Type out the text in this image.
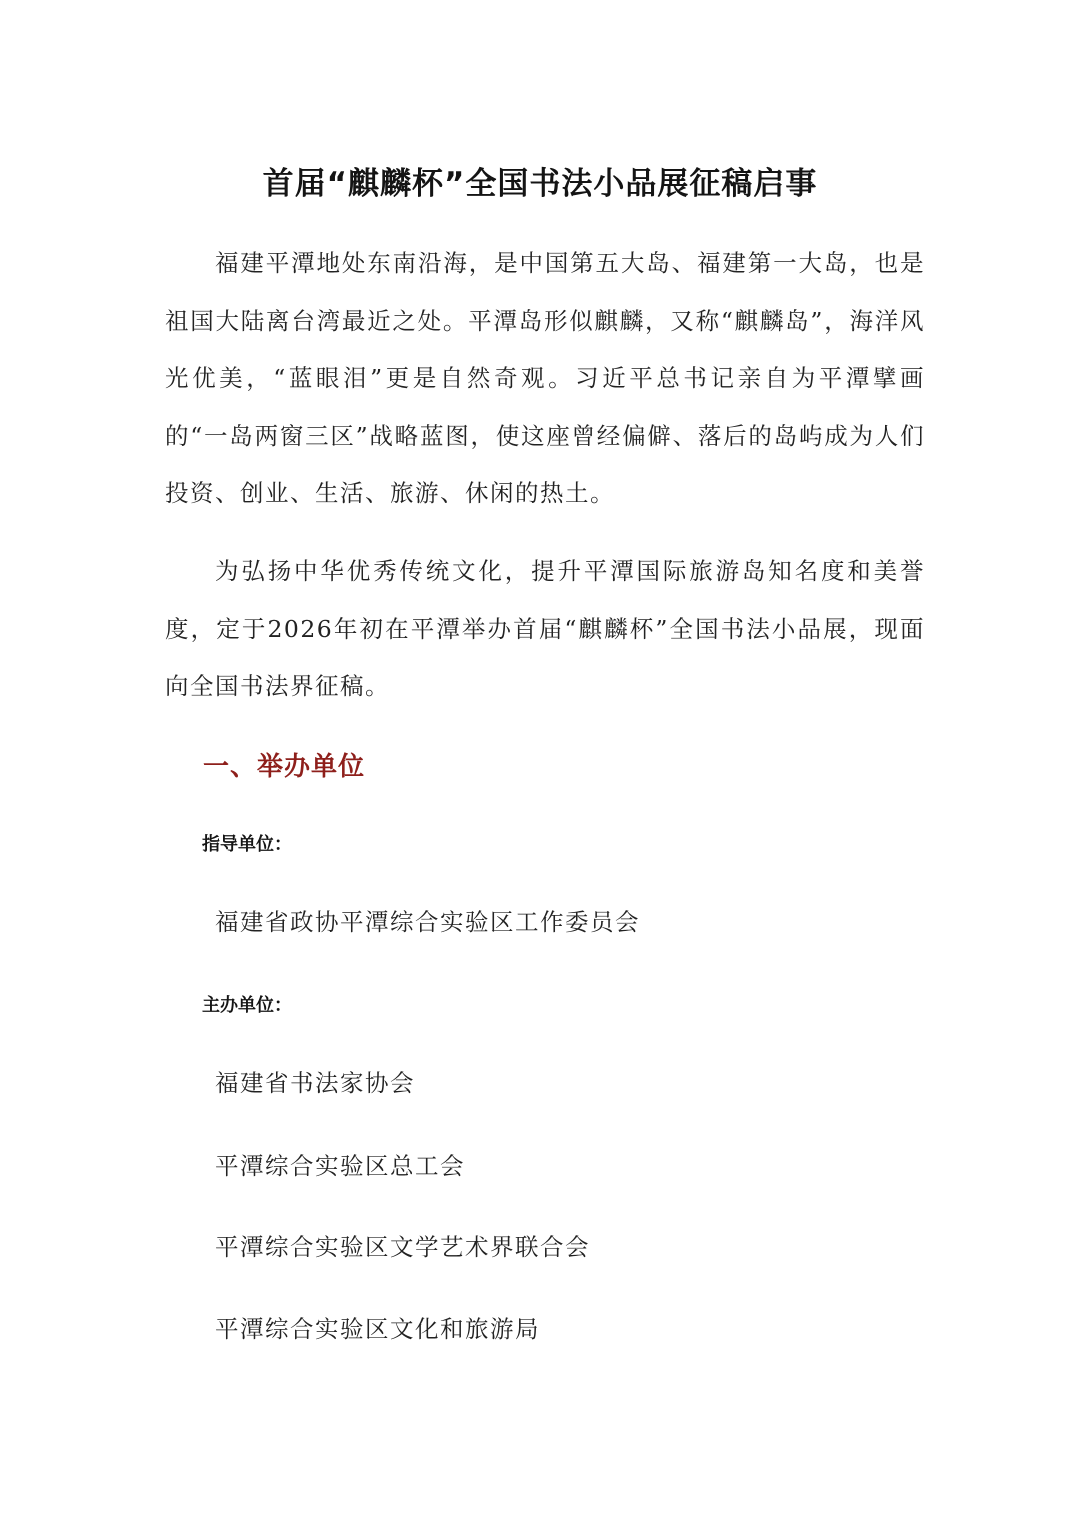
首届“麒麟杯”全国书法小品展征稿启事

福建平潭地处东南沿海，是中国第五大岛、福建第一大岛，也是祖国大陆离台湾最近之处。平潭岛形似麒麟，又称“麒麟岛”，海洋风光优美，“蓝眼泪”更是自然奇观。习近平总书记亲自为平潭擘画的“一岛两窗三区”战略蓝图，使这座曾经偏僻、落后的岛屿成为人们投资、创业、生活、旅游、休闲的热土。

为弘扬中华优秀传统文化，提升平潭国际旅游岛知名度和美誉度，定于2026年初在平潭举办首届“麒麟杯”全国书法小品展，现面向全国书法界征稿。

一、举办单位
指导单位：
福建省政协平潭综合实验区工作委员会
主办单位：
福建省书法家协会
平潭综合实验区总工会
平潭综合实验区文学艺术界联合会
平潭综合实验区文化和旅游局
